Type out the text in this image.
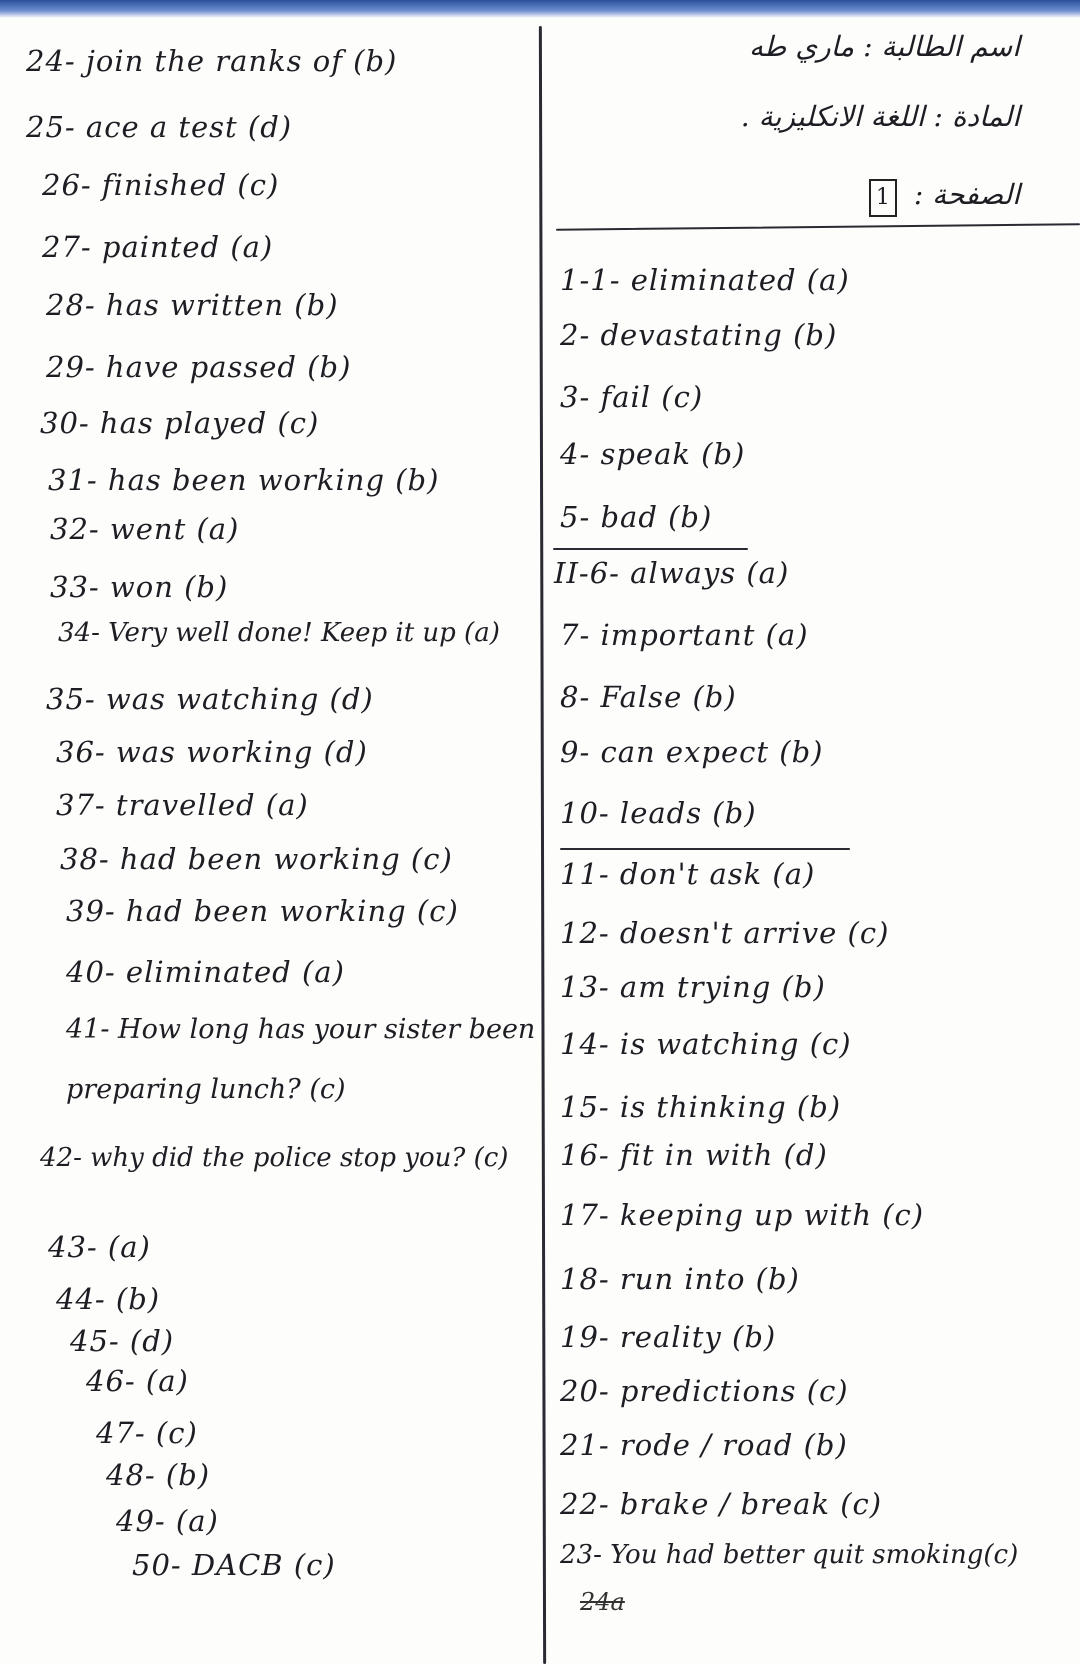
اسم الطالبة : ماري طه
المادة : اللغة الانكليزية .
الصفحة : 1
1-1- eliminated (a)
2- devastating (b)
3- fail (c)
4- speak (b)
5- bad (b)
II-6- always (a)
7- important (a)
8- False (b)
9- can expect (b)
10- leads (b)
11- don't ask (a)
12- doesn't arrive (c)
13- am trying (b)
14- is watching (c)
15- is thinking (b)
16- fit in with (d)
17- keeping up with (c)
18- run into (b)
19- reality (b)
20- predictions (c)
21- rode / road (b)
22- brake / break (c)
23- You had better quit smoking(c)
24- join the ranks of (b)
25- ace a test (d)
26- finished (c)
27- painted (a)
28- has written (b)
29- have passed (b)
30- has played (c)
31- has been working (b)
32- went (a)
33- won (b)
34- Very well done! Keep it up (a)
35- was watching (d)
36- was working (d)
37- travelled (a)
38- had been working (c)
39- had been working (c)
40- eliminated (a)
41- How long has your sister been preparing lunch? (c)
42- why did the police stop you? (c)
43- (a)
44- (b)
45- (d)
46- (a)
47- (c)
48- (b)
49- (a)
50- DACB (c)
24a
